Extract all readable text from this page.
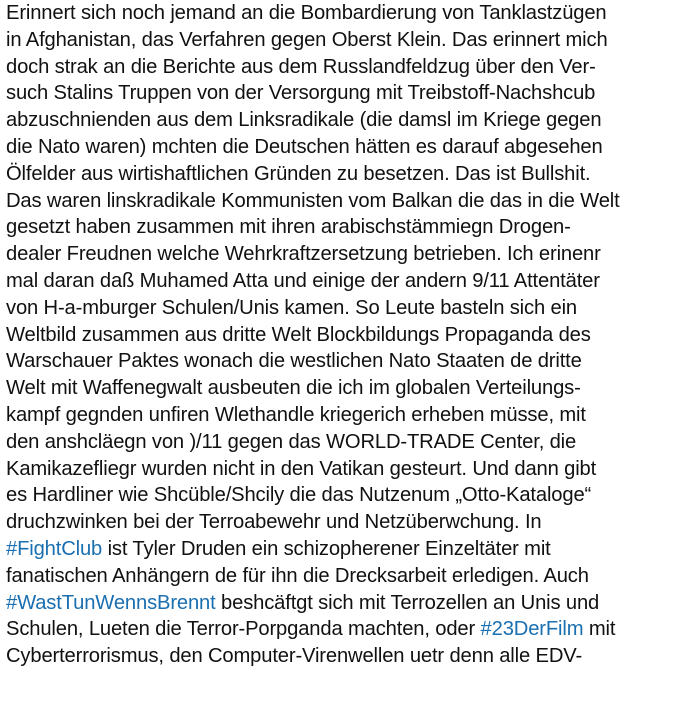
Erinnert sich noch jemand an die Bombardierung von Tanklastzügen
in Afghanistan, das Verfahren gegen Oberst Klein. Das erinnert mich
doch strak an die Berichte aus dem Russlandfeldzug über den Ver-
such Stalins Truppen von der Versorgung mit Treibstoff-Nachshcub
abzuschnienden aus dem Linksradikale (die damsl im Kriege gegen
die Nato waren) mchten die Deutschen hätten es darauf abgesehen
Ölfelder aus wirtishaftlichen Gründen zu besetzen. Das ist Bullshit.
Das waren linskradikale Kommunisten vom Balkan die das in die Welt
gesetzt haben zusammen mit ihren arabischstämmiegn Drogen-
dealer Freudnen welche Wehrkraftzersetzung betrieben. Ich erinenr
mal daran daß Muhamed Atta und einige der andern 9/11 Attentäter
von H-a-mburger Schulen/Unis kamen. So Leute basteln sich ein
Weltbild zusammen aus dritte Welt Blockbildungs Propaganda des
Warschauer Paktes wonach die westlichen Nato Staaten de dritte
Welt mit Waffenegwalt ausbeuten die ich im globalen Verteilungs-
kampf gegnden unfiren Wlethandle kriegerich erheben müsse, mit
den anshcläegn von )/11 gegen das WORLD-TRADE Center, die
Kamikazefliegr wurden nicht in den Vatikan gesteurt. Und dann gibt
es Hardliner wie Shcüble/Shcily die das Nutzenum „Otto-Kataloge“
druchzwinken bei der Terroabewehr und Netzüberwchung. In
#FightClub ist Tyler Druden ein schizopherener Einzeltäter mit
fanatischen Anhängern de für ihn die Drecksarbeit erledigen. Auch
#WastTunWennsBrennt beshcäftgt sich mit Terrozellen an Unis und
Schulen, Lueten die Terror-Porpganda machten, oder #23DerFilm mit
Cyberterrorismus, den Computer-Virenwellen uetr denn alle EDV-
